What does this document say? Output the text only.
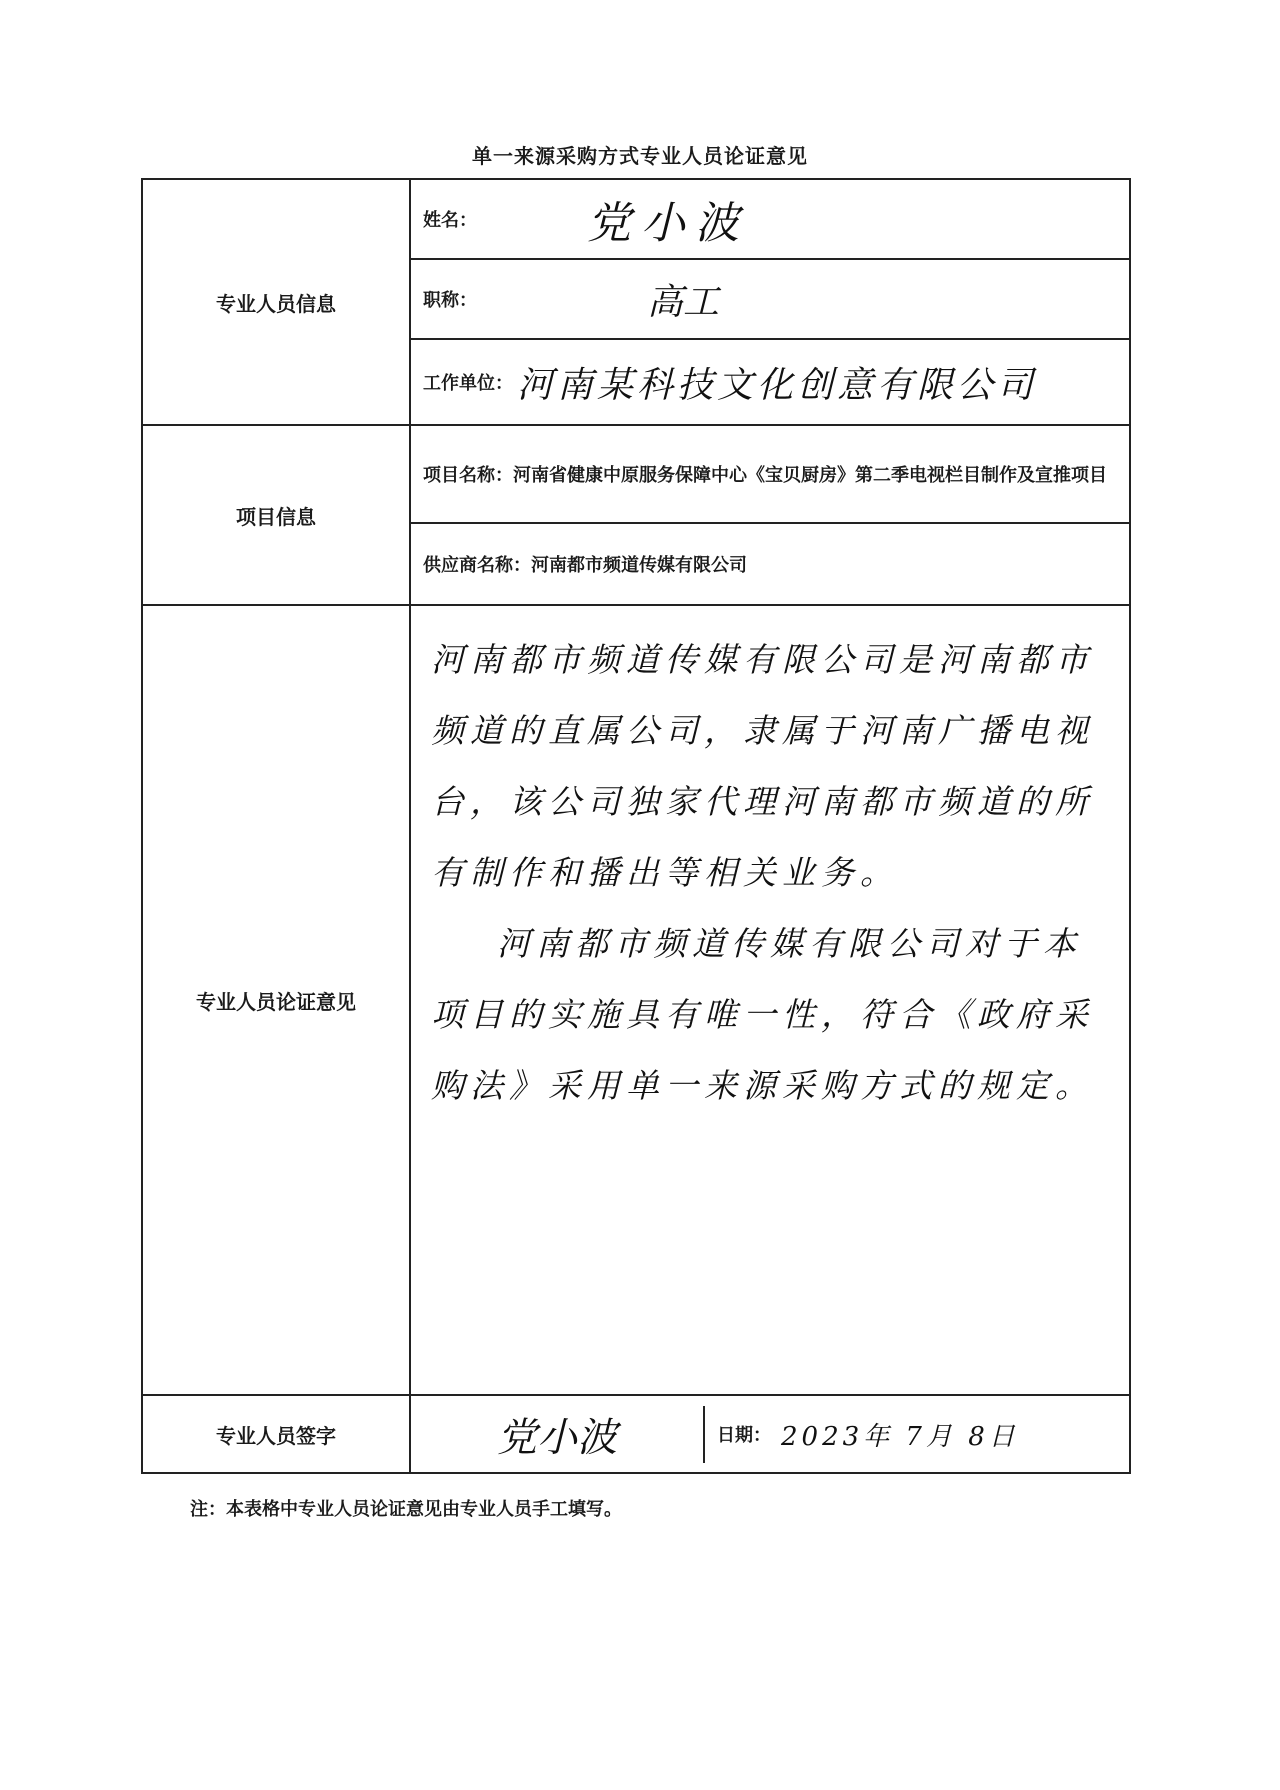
单一来源采购方式专业人员论证意见
专业人员信息	姓名： 党小波

	职称： 高工

	工作单位： 河南某科技文化创意有限公司

项目信息	项目名称：河南省健康中原服务保障中心《宝贝厨房》第二季电视栏目制作及宣推项目

	供应商名称： 河南都市频道传媒有限公司

专业人员论证意见	河南都市频道传媒有限公司是河南都市频道的直属公司，隶属于河南广播电视台，该公司独家代理河南都市频道的所有制作和播出等相关业务。

河南都市频道传媒有限公司对于本项目的实施具有唯一性，符合《政府采购法》采用单一来源采购方式的规定。

专业人员签字	党小波 日期： 2023年 7月 8日
注：本表格中专业人员论证意见由专业人员手工填写。
